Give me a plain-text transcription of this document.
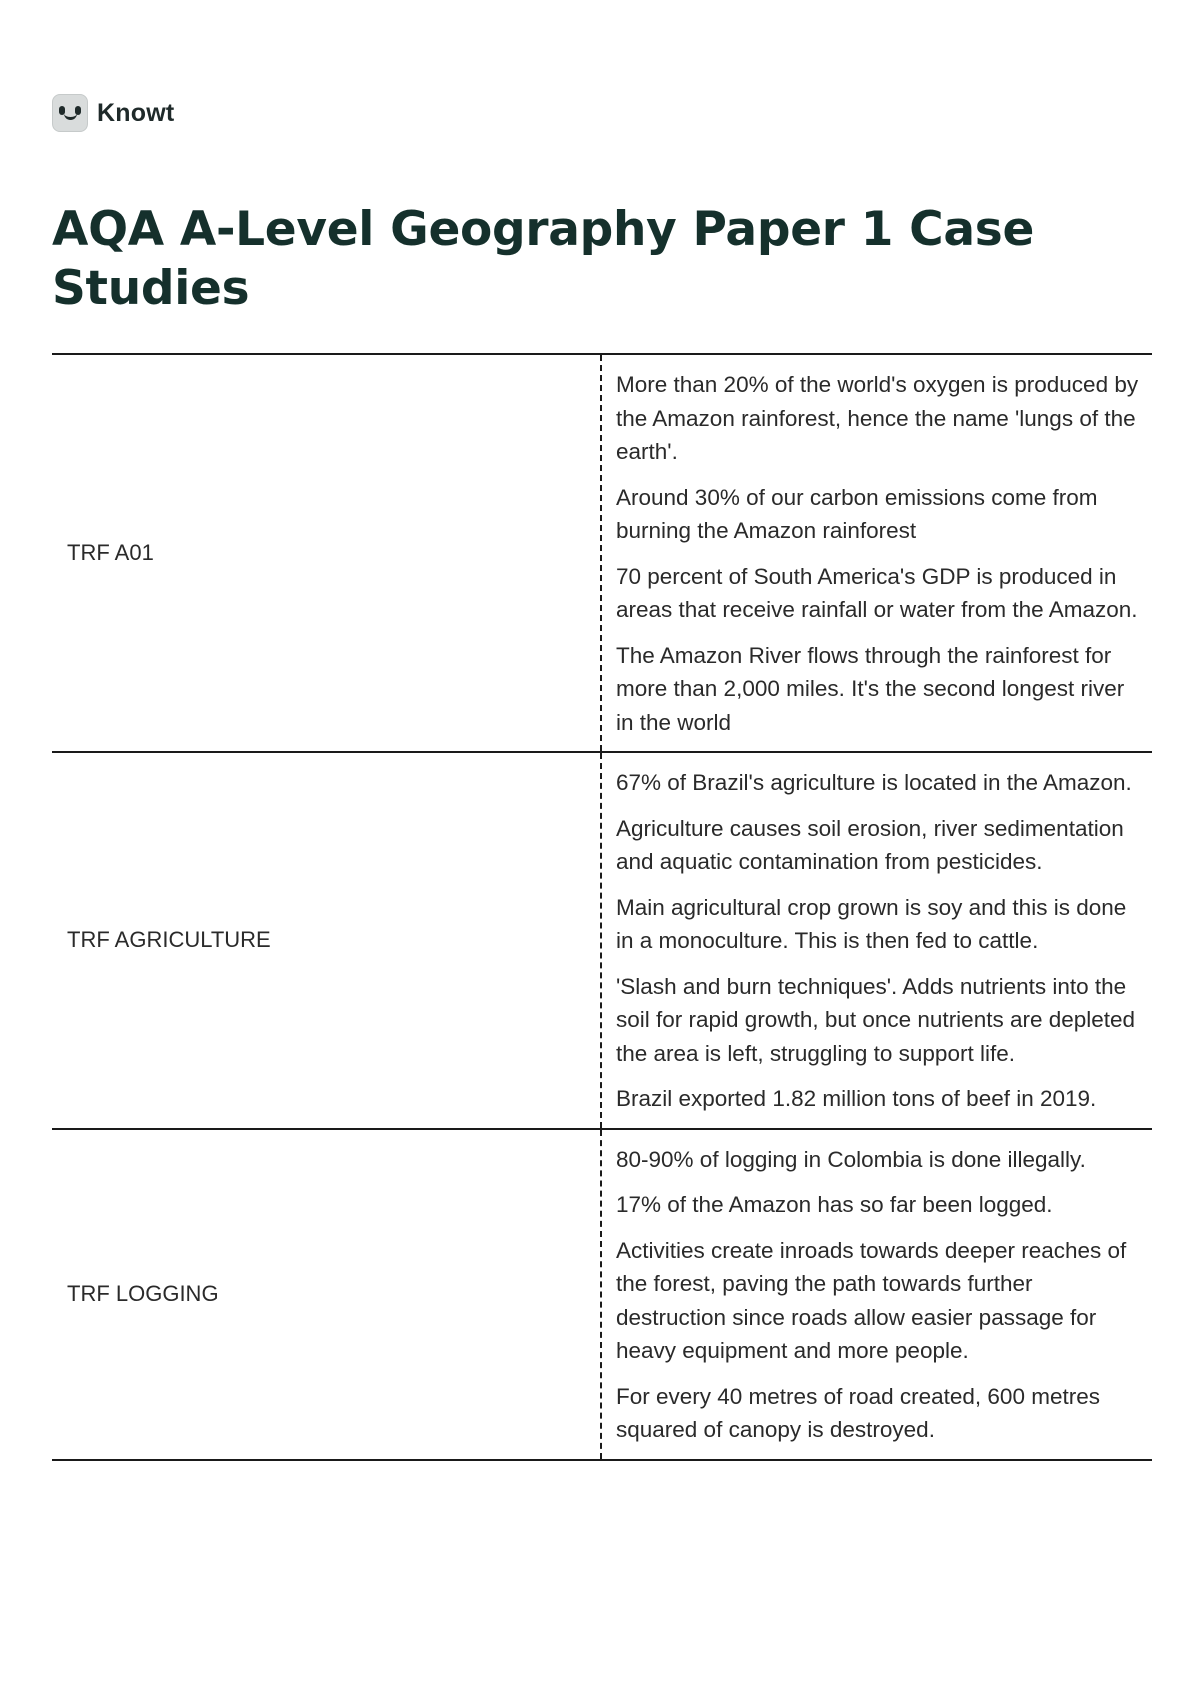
Knowt
AQA A-Level Geography Paper 1 Case Studies
TRF A01

More than 20% of the world's oxygen is produced by the Amazon rainforest, hence the name 'lungs of the earth'.

Around 30% of our carbon emissions come from burning the Amazon rainforest

70 percent of South America's GDP is produced in areas that receive rainfall or water from the Amazon.

The Amazon River flows through the rainforest for more than 2,000 miles. It's the second longest river in the world

TRF AGRICULTURE

67% of Brazil's agriculture is located in the Amazon.

Agriculture causes soil erosion, river sedimentation and aquatic contamination from pesticides.

Main agricultural crop grown is soy and this is done in a monoculture. This is then fed to cattle.

'Slash and burn techniques'. Adds nutrients into the soil for rapid growth, but once nutrients are depleted the area is left, struggling to support life.

Brazil exported 1.82 million tons of beef in 2019.

TRF LOGGING

80-90% of logging in Colombia is done illegally.

17% of the Amazon has so far been logged.

Activities create inroads towards deeper reaches of the forest, paving the path towards further destruction since roads allow easier passage for heavy equipment and more people.

For every 40 metres of road created, 600 metres squared of canopy is destroyed.
